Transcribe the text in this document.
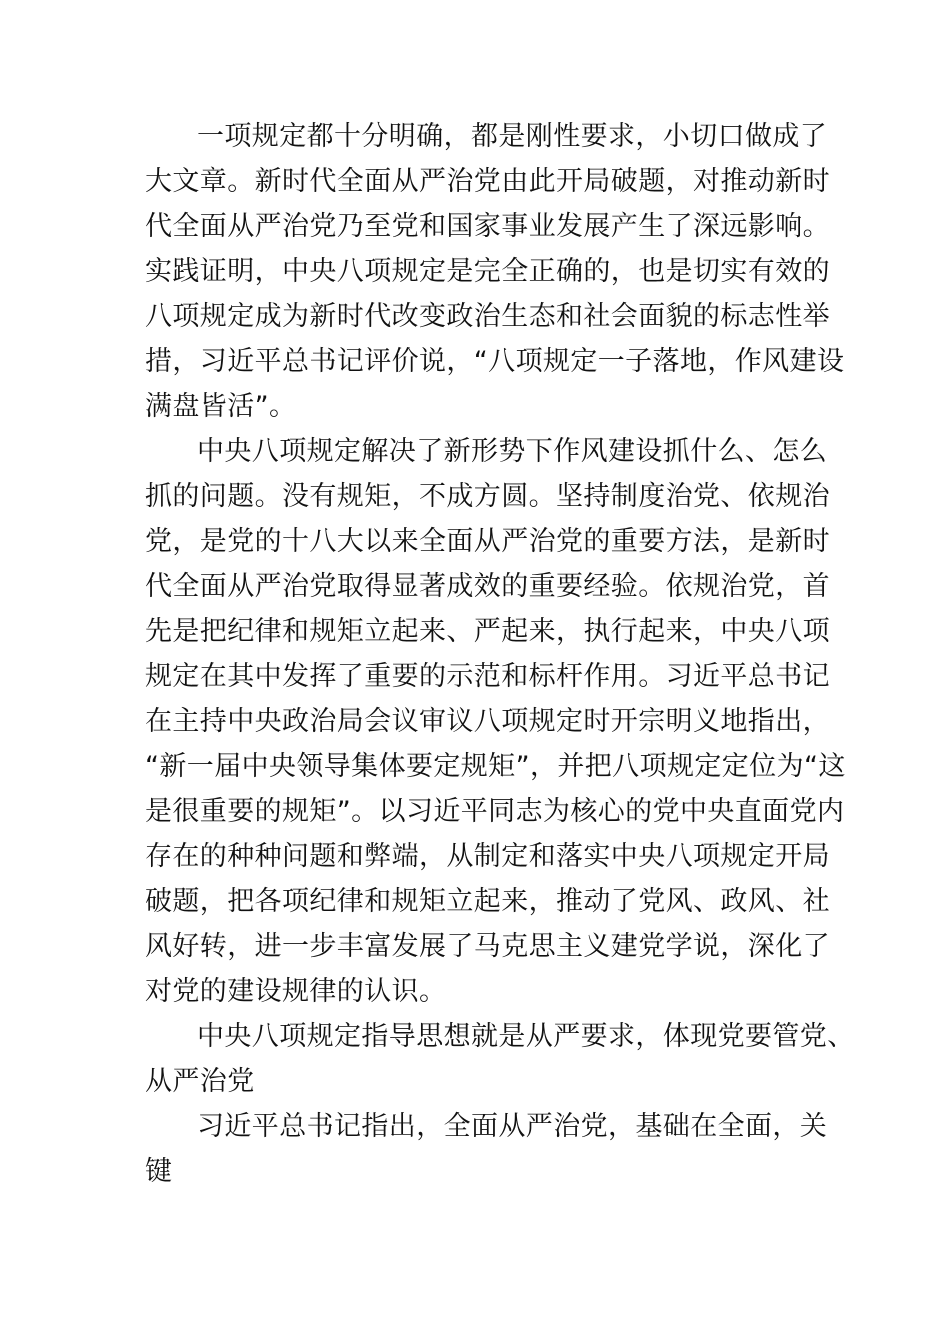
一项规定都十分明确，都是刚性要求，小切口做成了
大文章。新时代全面从严治党由此开局破题，对推动新时
代全面从严治党乃至党和国家事业发展产生了深远影响。
实践证明，中央八项规定是完全正确的，也是切实有效的
八项规定成为新时代改变政治生态和社会面貌的标志性举
措，习近平总书记评价说，“八项规定一子落地，作风建设
满盘皆活”。
中央八项规定解决了新形势下作风建设抓什么、怎么
抓的问题。没有规矩，不成方圆。坚持制度治党、依规治
党，是党的十八大以来全面从严治党的重要方法，是新时
代全面从严治党取得显著成效的重要经验。依规治党，首
先是把纪律和规矩立起来、严起来，执行起来，中央八项
规定在其中发挥了重要的示范和标杆作用。习近平总书记
在主持中央政治局会议审议八项规定时开宗明义地指出，
“新一届中央领导集体要定规矩”，并把八项规定定位为“这
是很重要的规矩”。以习近平同志为核心的党中央直面党内
存在的种种问题和弊端，从制定和落实中央八项规定开局
破题，把各项纪律和规矩立起来，推动了党风、政风、社
风好转，进一步丰富发展了马克思主义建党学说，深化了
对党的建设规律的认识。
中央八项规定指导思想就是从严要求，体现党要管党、
从严治党
习近平总书记指出，全面从严治党，基础在全面，关
键
